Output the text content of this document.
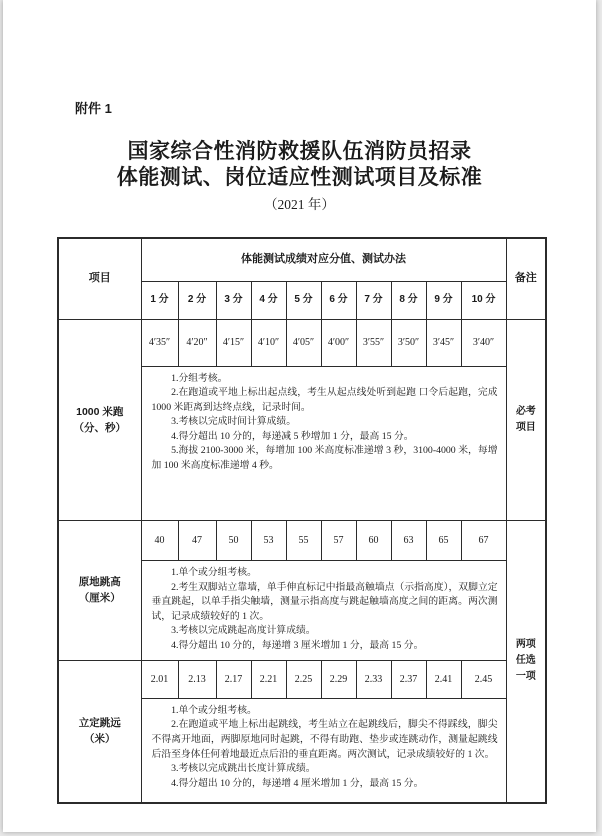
附件 1
国家综合性消防救援队伍消防员招录
体能测试、岗位适应性测试项目及标准
（2021 年）
项目	体能测试成绩对应分值、测试办法										备注
	1 分	2 分	3 分	4 分	5 分	6 分	7 分	8 分	9 分	10 分	

1000 米跑
（分、秒）	4′35″	4′20″	4′15″	4′10″	4′05″	4′00″	3′55″	3′50″	3′45″	3′40″	必考项目

	1.分组考核。

2.在跑道或平地上标出起点线，考生从起点线处听到起跑 口令后起跑，完成 1000 米距离到达终点线，记录时间。

3.考核以完成时间计算成绩。

4.得分超出 10 分的，每递减 5 秒增加 1 分，最高 15 分。

5.海拔 2100-3000 米，每增加 100 米高度标准递增 3 秒，3100-4000 米，每增加 100 米高度标准递增 4 秒。										

原地跳高
（厘米）	40	47	50	53	55	57	60	63	65	67	两项任选一项

	1.单个或分组考核。

2.考生双脚站立靠墙，单手伸直标记中指最高触墙点（示指高度），双脚立定垂直跳起，以单手指尖触墙，测量示指高度与跳起触墙高度之间的距离。两次测试，记录成绩较好的 1 次。

3.考核以完成跳起高度计算成绩。

4.得分超出 10 分的，每递增 3 厘米增加 1 分，最高 15 分。										

立定跳远
（米）	2.01	2.13	2.17	2.21	2.25	2.29	2.33	2.37	2.41	2.45	

	1.单个或分组考核。

2.在跑道或平地上标出起跳线，考生站立在起跳线后，脚尖不得踩线，脚尖不得离开地面，两脚原地同时起跳，不得有助跑、垫步或连跳动作，测量起跳线后沿至身体任何着地最近点后沿的垂直距离。两次测试，记录成绩较好的 1 次。

3.考核以完成跳出长度计算成绩。

4.得分超出 10 分的，每递增 4 厘米增加 1 分，最高 15 分。										
